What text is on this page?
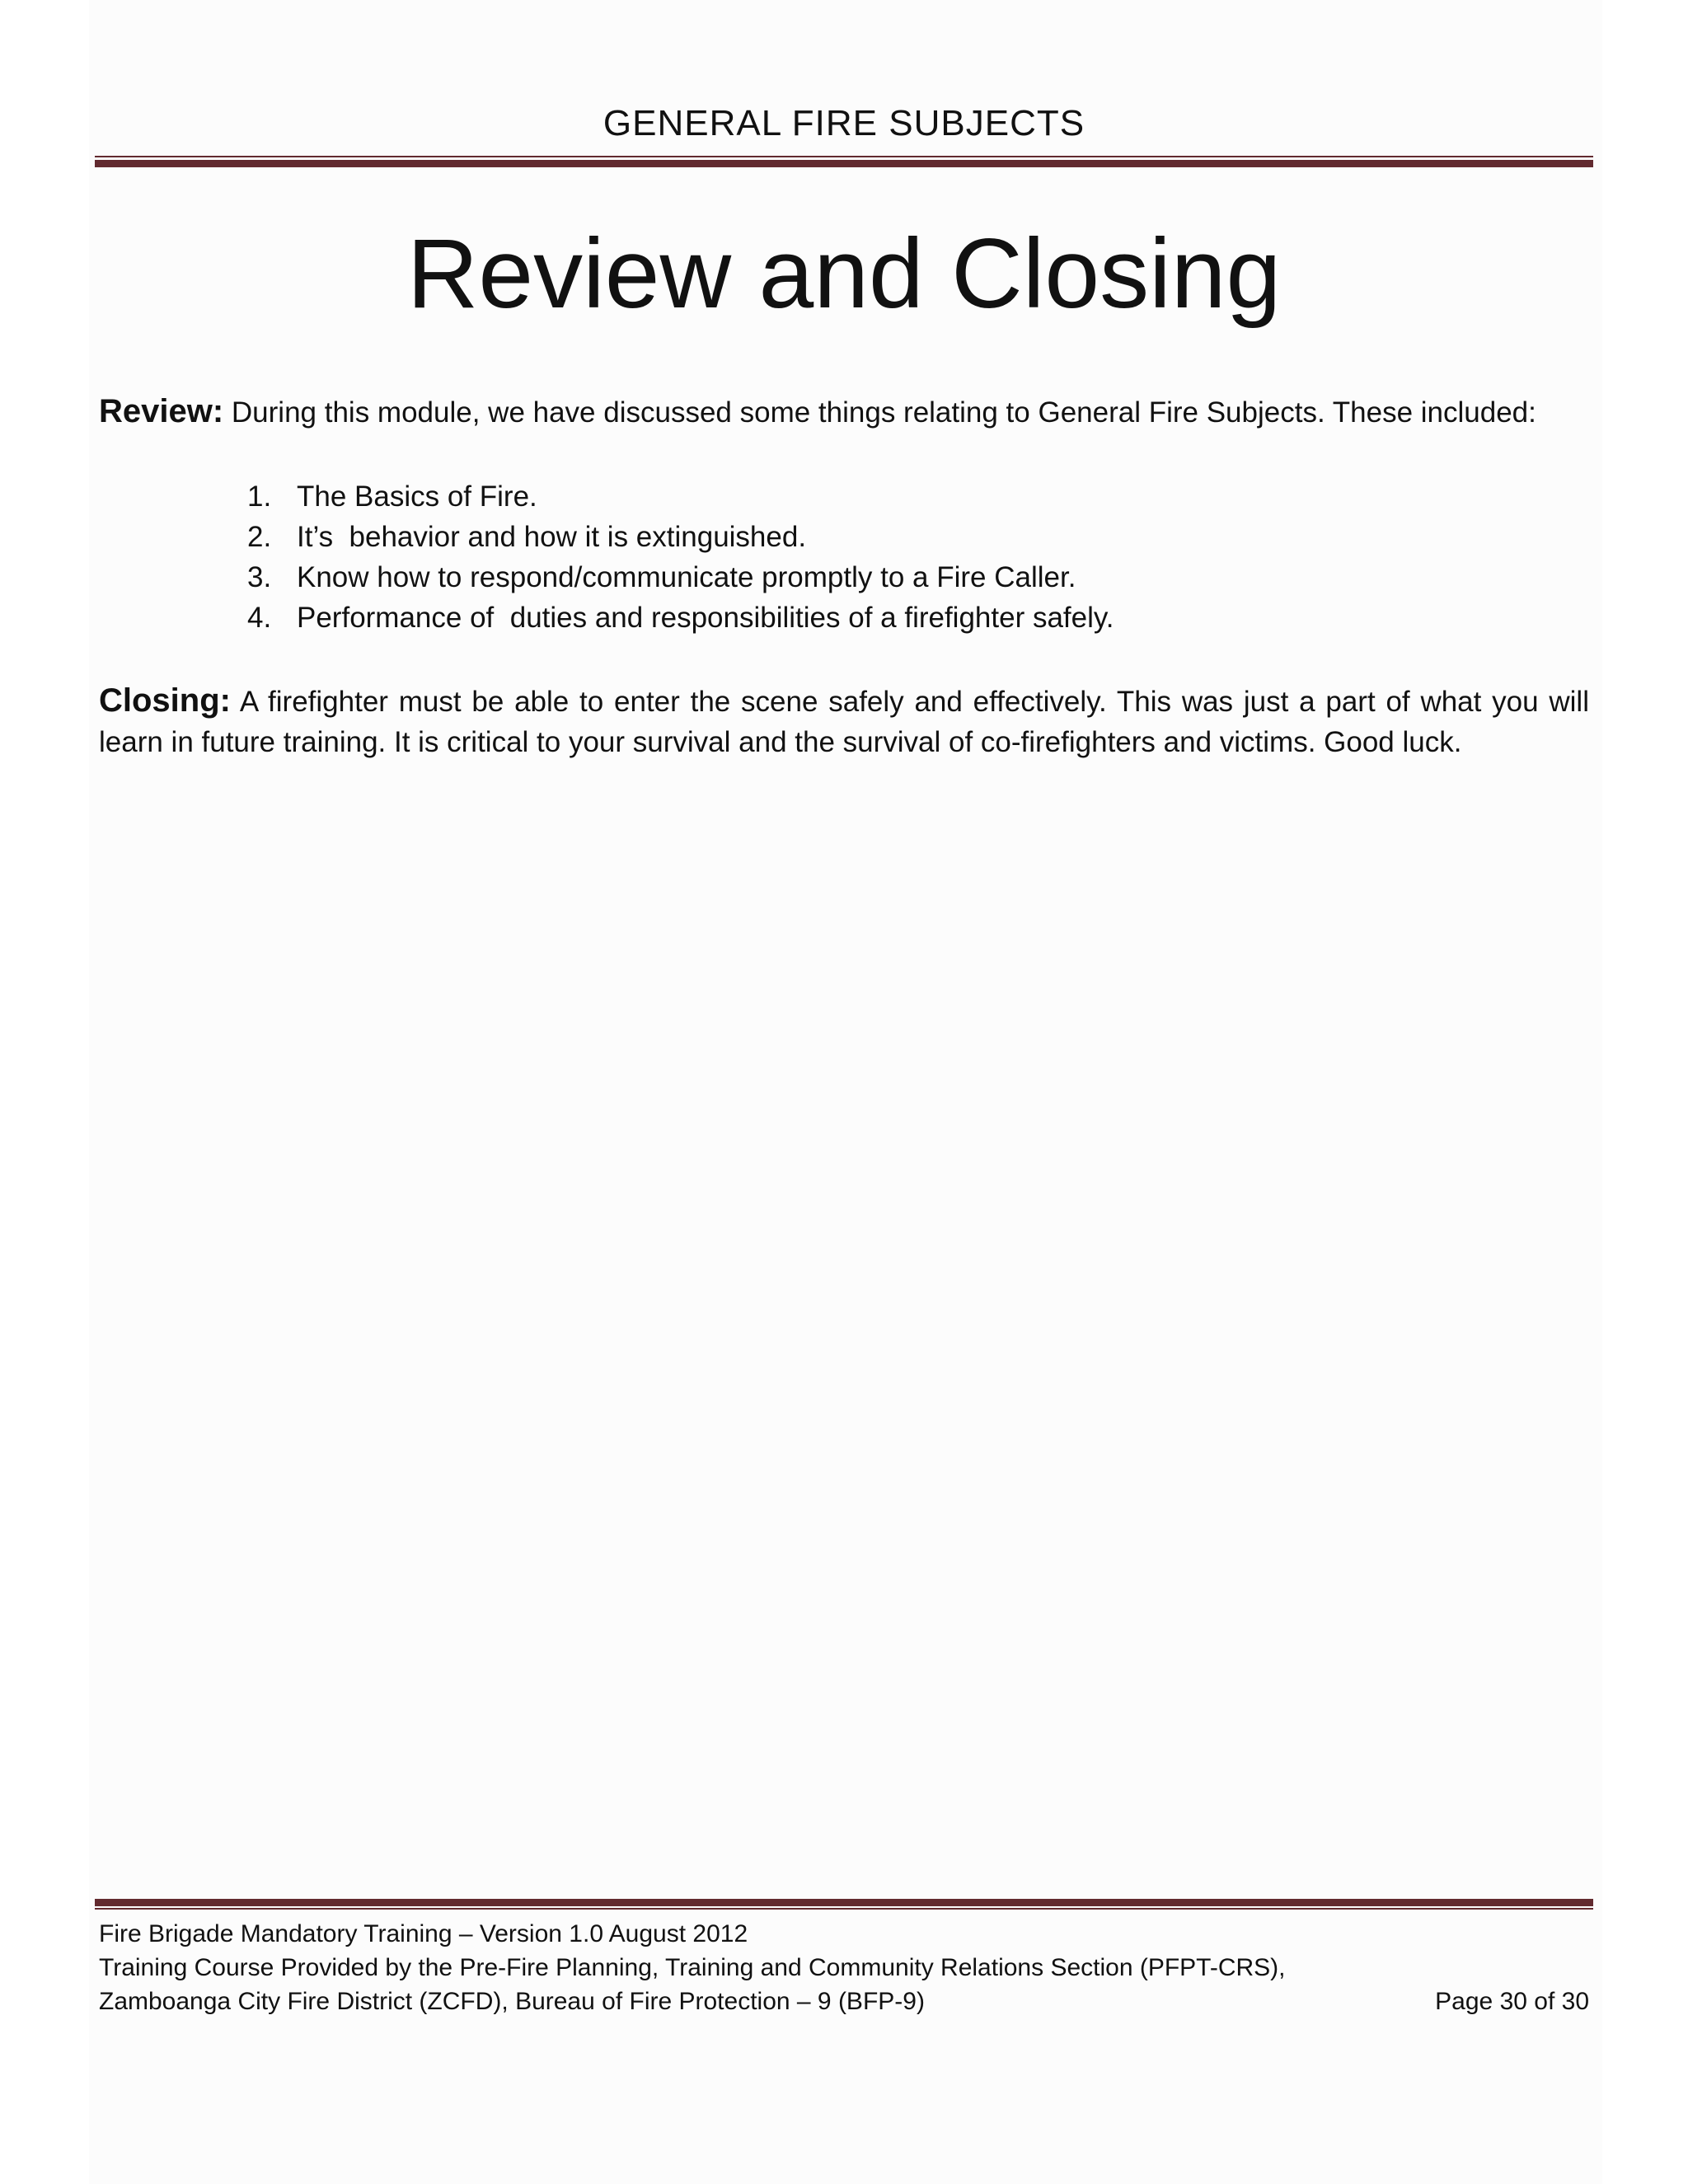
GENERAL FIRE SUBJECTS
Review and Closing
Review: During this module, we have discussed some things relating to General Fire Subjects. These included:
1. The Basics of Fire.
2. It’s  behavior and how it is extinguished.
3. Know how to respond/communicate promptly to a Fire Caller.
4. Performance of  duties and responsibilities of a firefighter safely.
Closing: A firefighter must be able to enter the scene safely and effectively. This was just a part of what you will learn in future training. It is critical to your survival and the survival of co-firefighters and victims. Good luck.
Fire Brigade Mandatory Training – Version 1.0 August 2012
Training Course Provided by the Pre-Fire Planning, Training and Community Relations Section (PFPT-CRS),
Zamboanga City Fire District (ZCFD), Bureau of Fire Protection – 9 (BFP-9)	Page 30 of 30
